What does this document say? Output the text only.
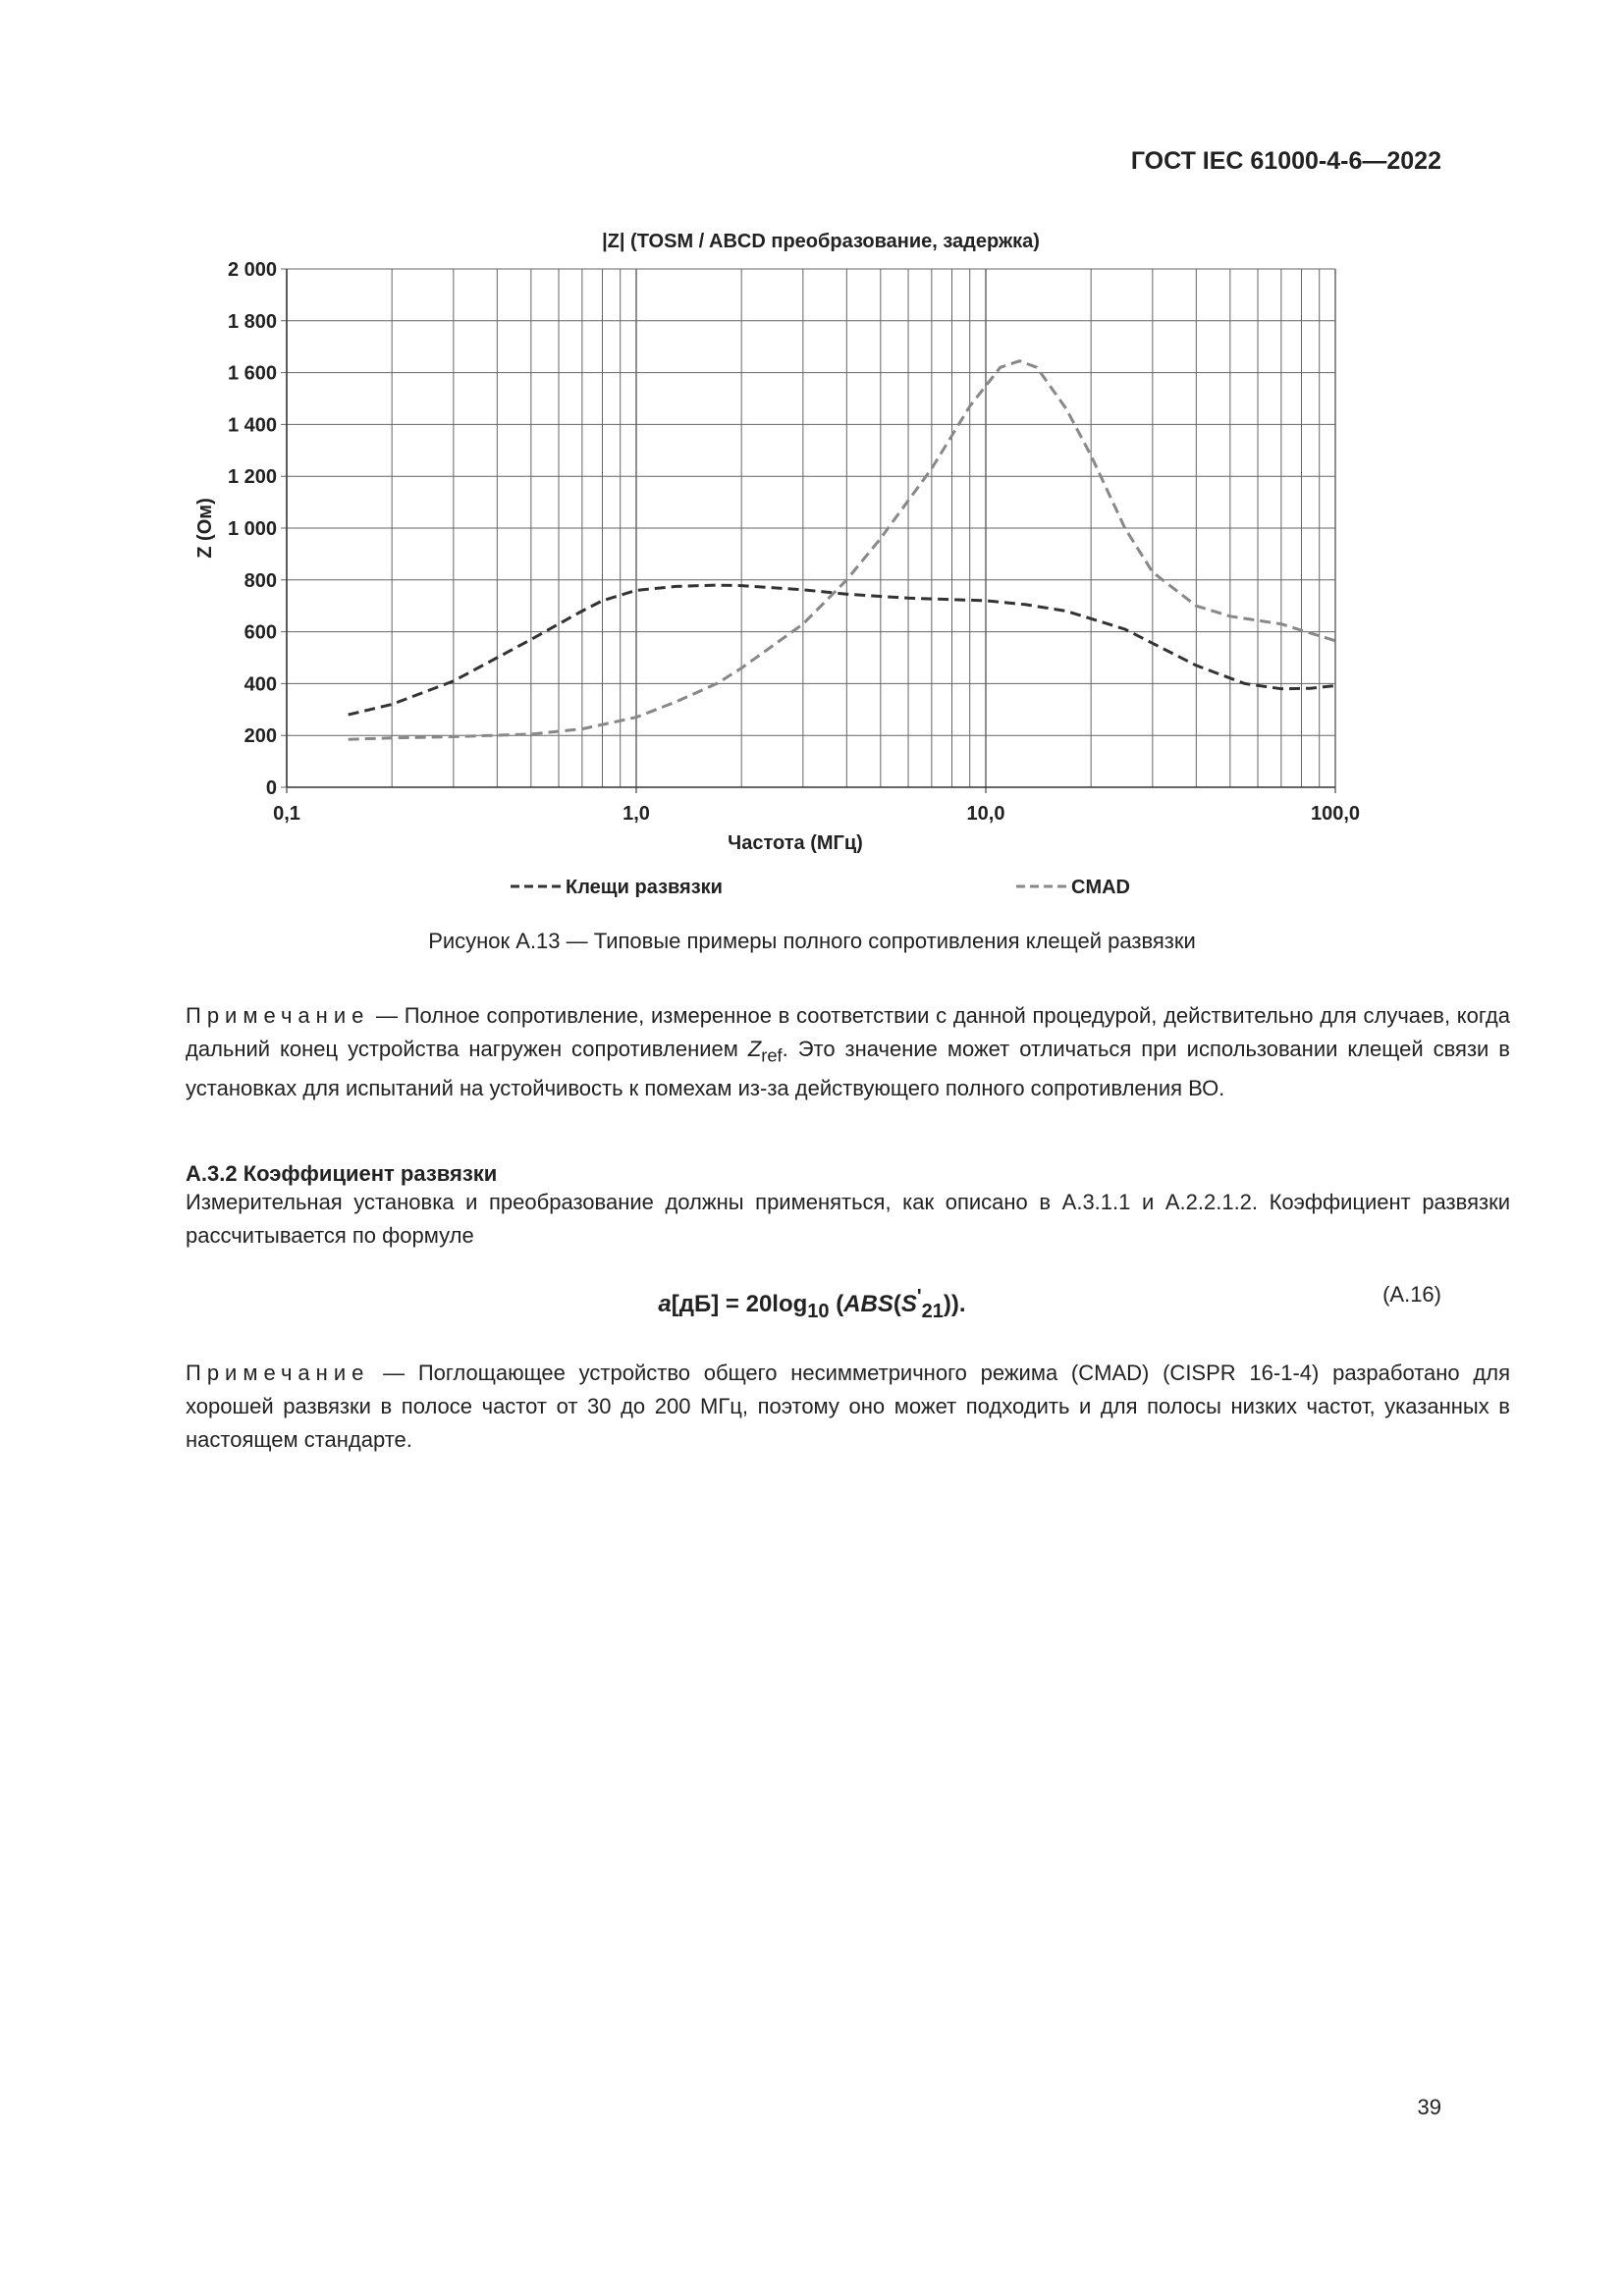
ГОСТ IEC 61000-4-6—2022
0
200
400
600
800
1 000
1 200
1 400
1 600
1 800
2 000
0,1	1,0	10,0	100,0
|Z| (TOSM / ABCD преобразование, задержка)
Частота (МГц)
Z (Ом)
Клещи развязки	CMAD
Рисунок А.13 — Типовые примеры полного сопротивления клещей развязки
Примечание — Полное сопротивление, измеренное в соответствии с данной процедурой, действительно для случаев, когда дальний конец устройства нагружен сопротивлением $Z_{ref}$. Это значение может отличаться при использовании клещей связи в установках для испытаний на устойчивость к помехам из-за действующего полного сопротивления ВО.
А.3.2 Коэффициент развязки
Измерительная установка и преобразование должны применяться, как описано в А.3.1.1 и А.2.2.1.2. Коэффициент развязки рассчитывается по формуле
$a[дБ] = 20\log_{10}$ $(ABS(S'_{21}))$.	(А.16)
Примечание — Поглощающее устройство общего несимметричного режима (CMAD) (CISPR 16-1-4) разработано для хорошей развязки в полосе частот от 30 до 200 МГц, поэтому оно может подходить и для полосы низких частот, указанных в настоящем стандарте.
39
